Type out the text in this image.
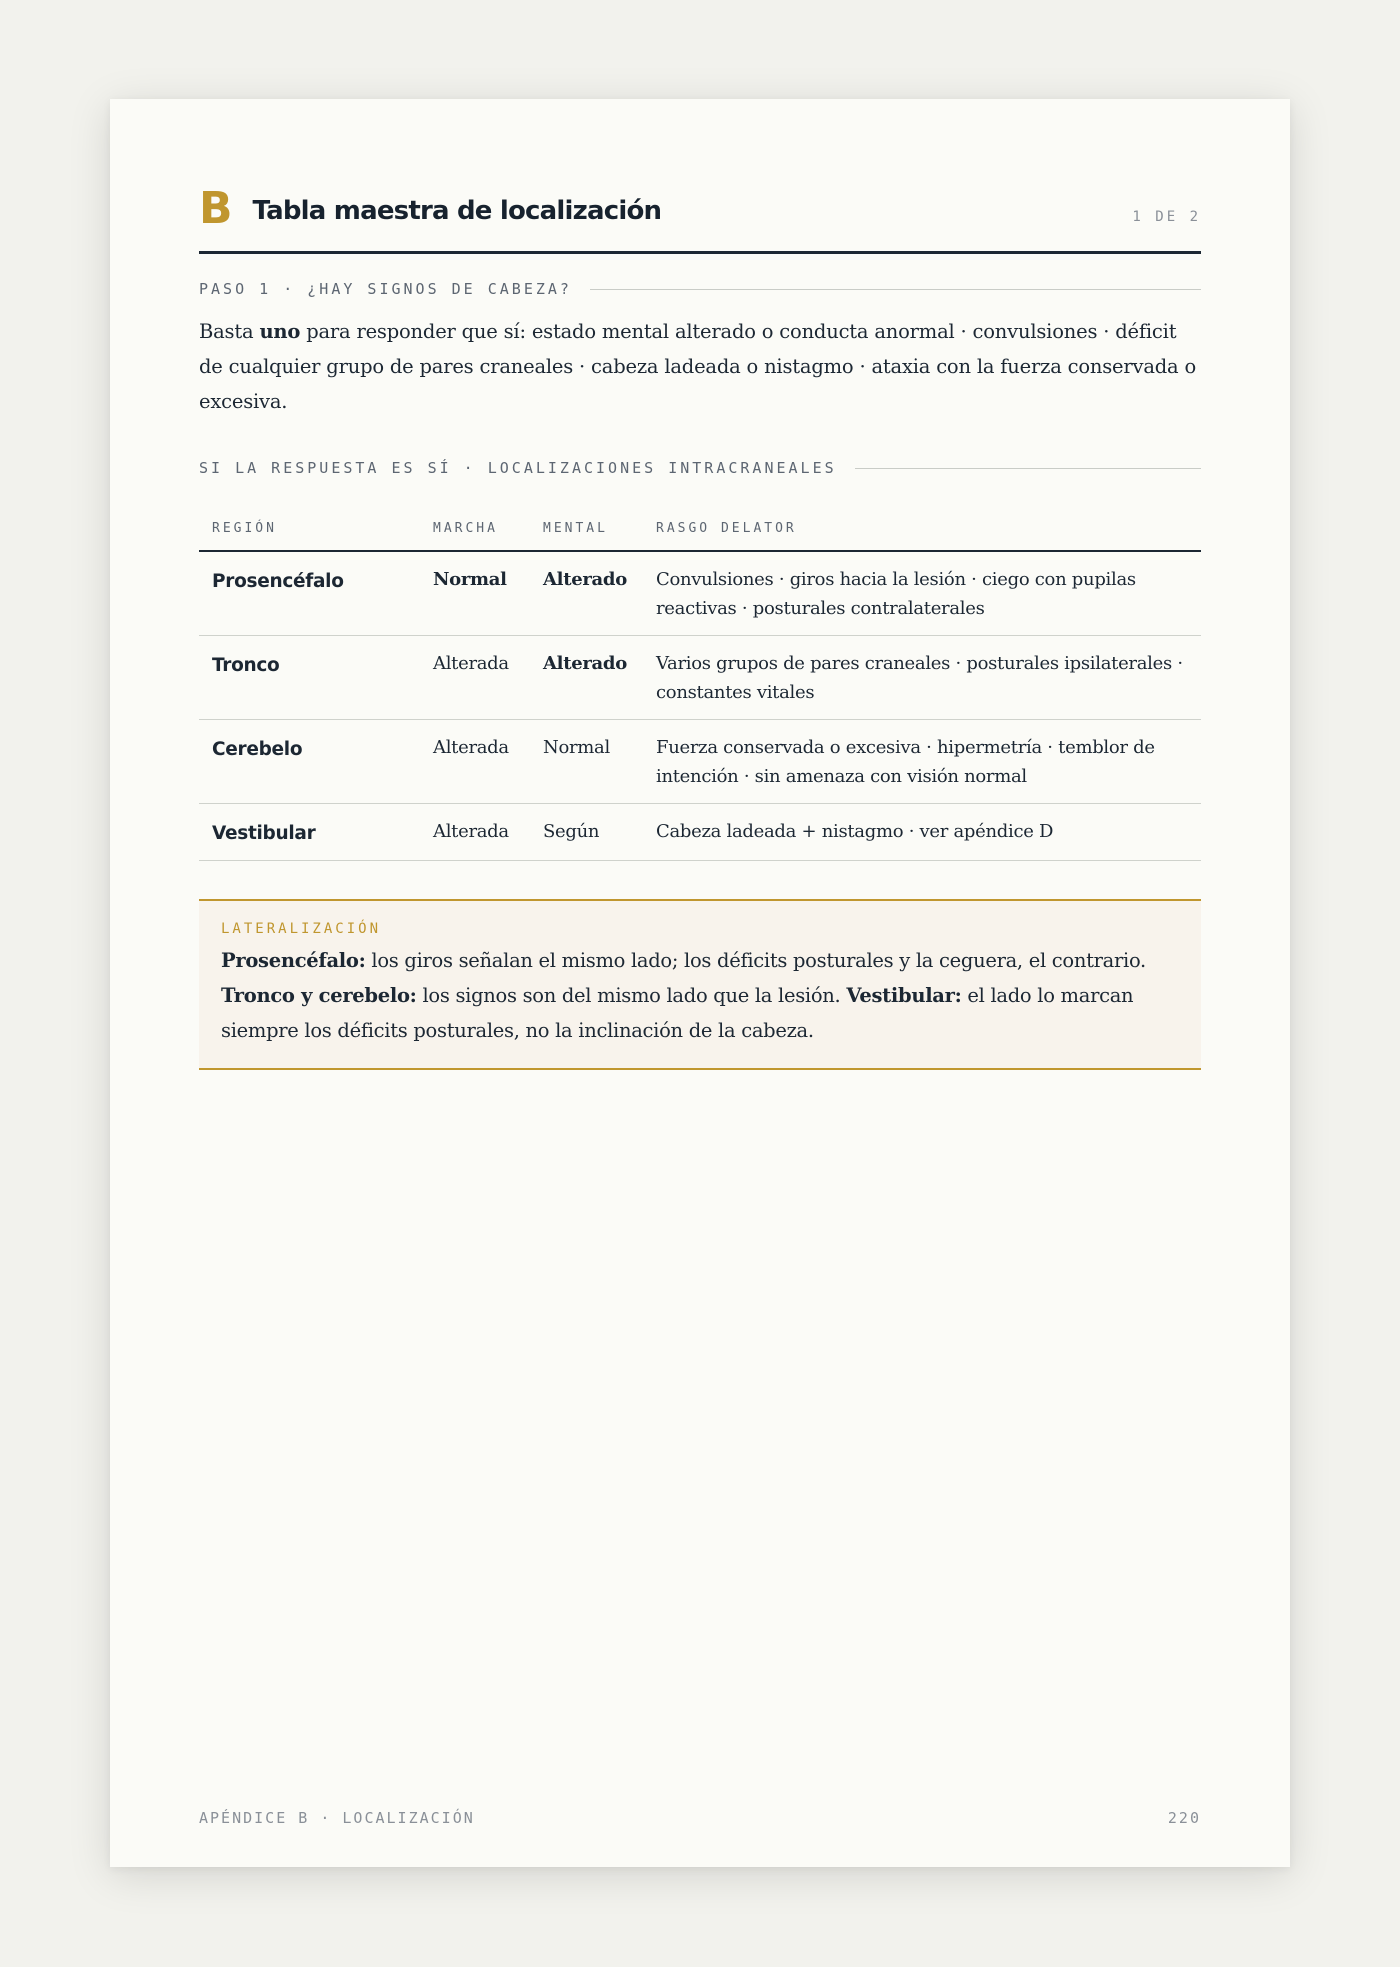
B Tabla maestra de localización	1 DE 2
PASO 1 · ¿HAY SIGNOS DE CABEZA?

Basta uno para responder que sí: estado mental alterado o conducta anormal · convulsiones · déficit de cualquier grupo de pares craneales · cabeza ladeada o nistagmo · ataxia con la fuerza conservada o excesiva.

SI LA RESPUESTA ES SÍ · LOCALIZACIONES INTRACRANEALES
REGIÓN	MARCHA	MENTAL	RASGO DELATOR
Prosencéfalo	Normal	Alterado	Convulsiones · giros hacia la lesión · ciego con pupilas reactivas · posturales contralaterales
Tronco	Alterada	Alterado	Varios grupos de pares craneales · posturales ipsilaterales · constantes vitales
Cerebelo	Alterada	Normal	Fuerza conservada o excesiva · hipermetría · temblor de intención · sin amenaza con visión normal
Vestibular	Alterada	Según	Cabeza ladeada + nistagmo · ver apéndice D
LATERALIZACIÓN
Prosencéfalo: los giros señalan el mismo lado; los déficits posturales y la ceguera, el contrario. Tronco y cerebelo: los signos son del mismo lado que la lesión. Vestibular: el lado lo marcan siempre los déficits posturales, no la inclinación de la cabeza.
APÉNDICE B · LOCALIZACIÓN	220
